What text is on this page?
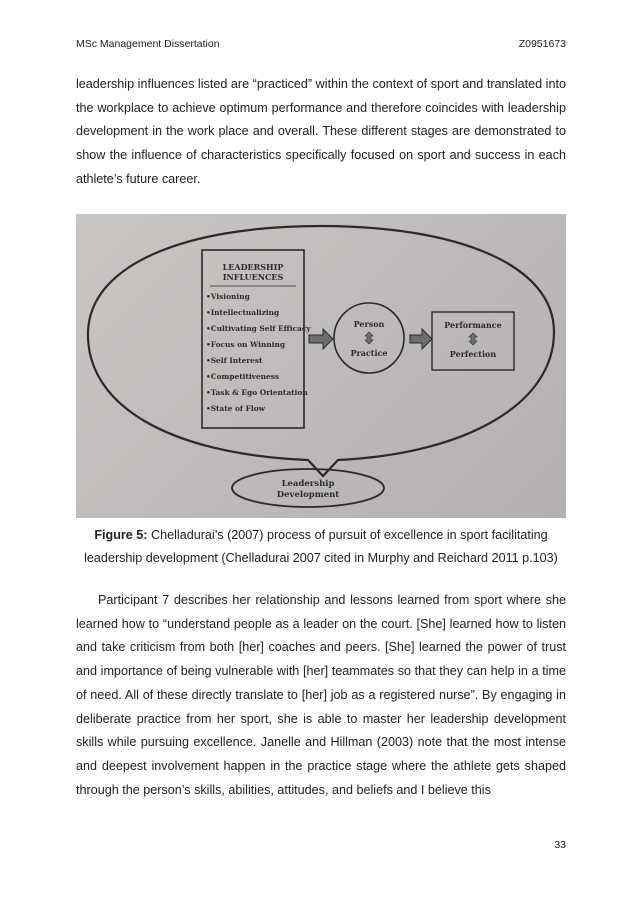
MSc Management Dissertation	Z0951673

leadership influences listed are “practiced” within the context of sport and translated into the workplace to achieve optimum performance and therefore coincides with leadership development in the work place and overall. These different stages are demonstrated to show the influence of characteristics specifically focused on sport and success in each athlete’s future career.

LEADERSHIP
INFLUENCES
•Visioning
•Intellectualizing
•Cultivating Self Efficacy
•Focus on Winning
•Self Interest
•Competitiveness
•Task & Ego Orientation
•State of Flow
Person
Practice
Performance
Perfection
Leadership
Development
Figure 5: Chelladurai’s (2007) process of pursuit of excellence in sport facilitating
leadership development (Chelladurai 2007 cited in Murphy and Reichard 2011 p.103)

Participant 7 describes her relationship and lessons learned from sport where she learned how to “understand people as a leader on the court. [She] learned how to listen and take criticism from both [her] coaches and peers. [She] learned the power of trust and importance of being vulnerable with [her] teammates so that they can help in a time of need. All of these directly translate to [her] job as a registered nurse”. By engaging in deliberate practice from her sport, she is able to master her leadership development skills while pursuing excellence. Janelle and Hillman (2003) note that the most intense and deepest involvement happen in the practice stage where the athlete gets shaped through the person’s skills, abilities, attitudes, and beliefs and I believe this

33
